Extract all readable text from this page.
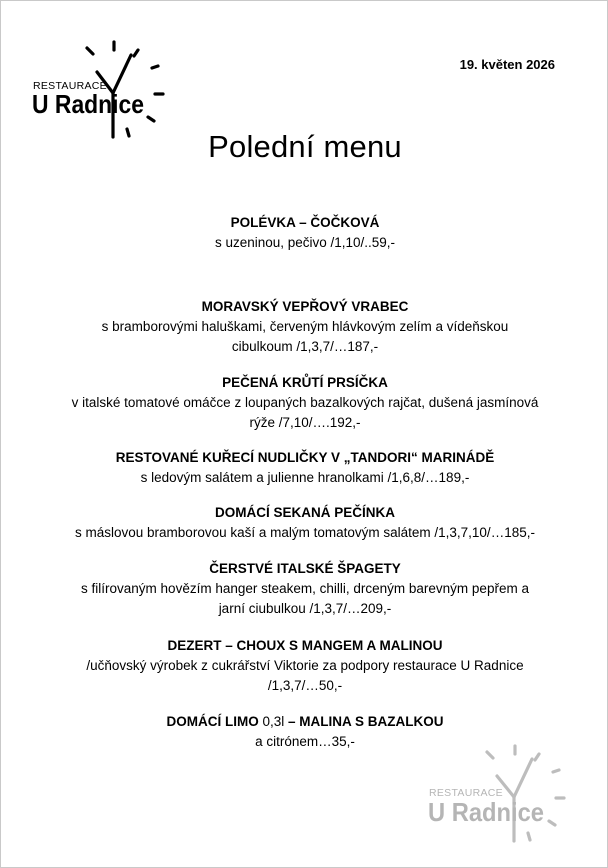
RESTAURACE
U Radnice
19. květen 2026
Polední menu
POLÉVKA – ČOČKOVÁ
s uzeninou, pečivo /1,10/..59,-
MORAVSKÝ VEPŘOVÝ VRABEC
s bramborovými haluškami, červeným hlávkovým zelím a vídeňskou
cibulkoum /1,3,7/…187,-
PEČENÁ KRŮTÍ PRSÍČKA
v italské tomatové omáčce z loupaných bazalkových rajčat, dušená jasmínová
rýže /7,10/….192,-
RESTOVANÉ KUŘECÍ NUDLIČKY V „TANDORI“ MARINÁDĚ
s ledovým salátem a julienne hranolkami /1,6,8/…189,-
DOMÁCÍ SEKANÁ PEČÍNKA
s máslovou bramborovou kaší a malým tomatovým salátem /1,3,7,10/…185,-
ČERSTVÉ ITALSKÉ ŠPAGETY
s filírovaným hovězím hanger steakem, chilli, drceným barevným pepřem a
jarní ciubulkou /1,3,7/…209,-
DEZERT – CHOUX S MANGEM A MALINOU
/učňovský výrobek z cukrářství Viktorie za podpory restaurace U Radnice
/1,3,7/…50,-
DOMÁCÍ LIMO 0,3l – MALINA S BAZALKOU
a citrónem…35,-
RESTAURACE
U Radnice
